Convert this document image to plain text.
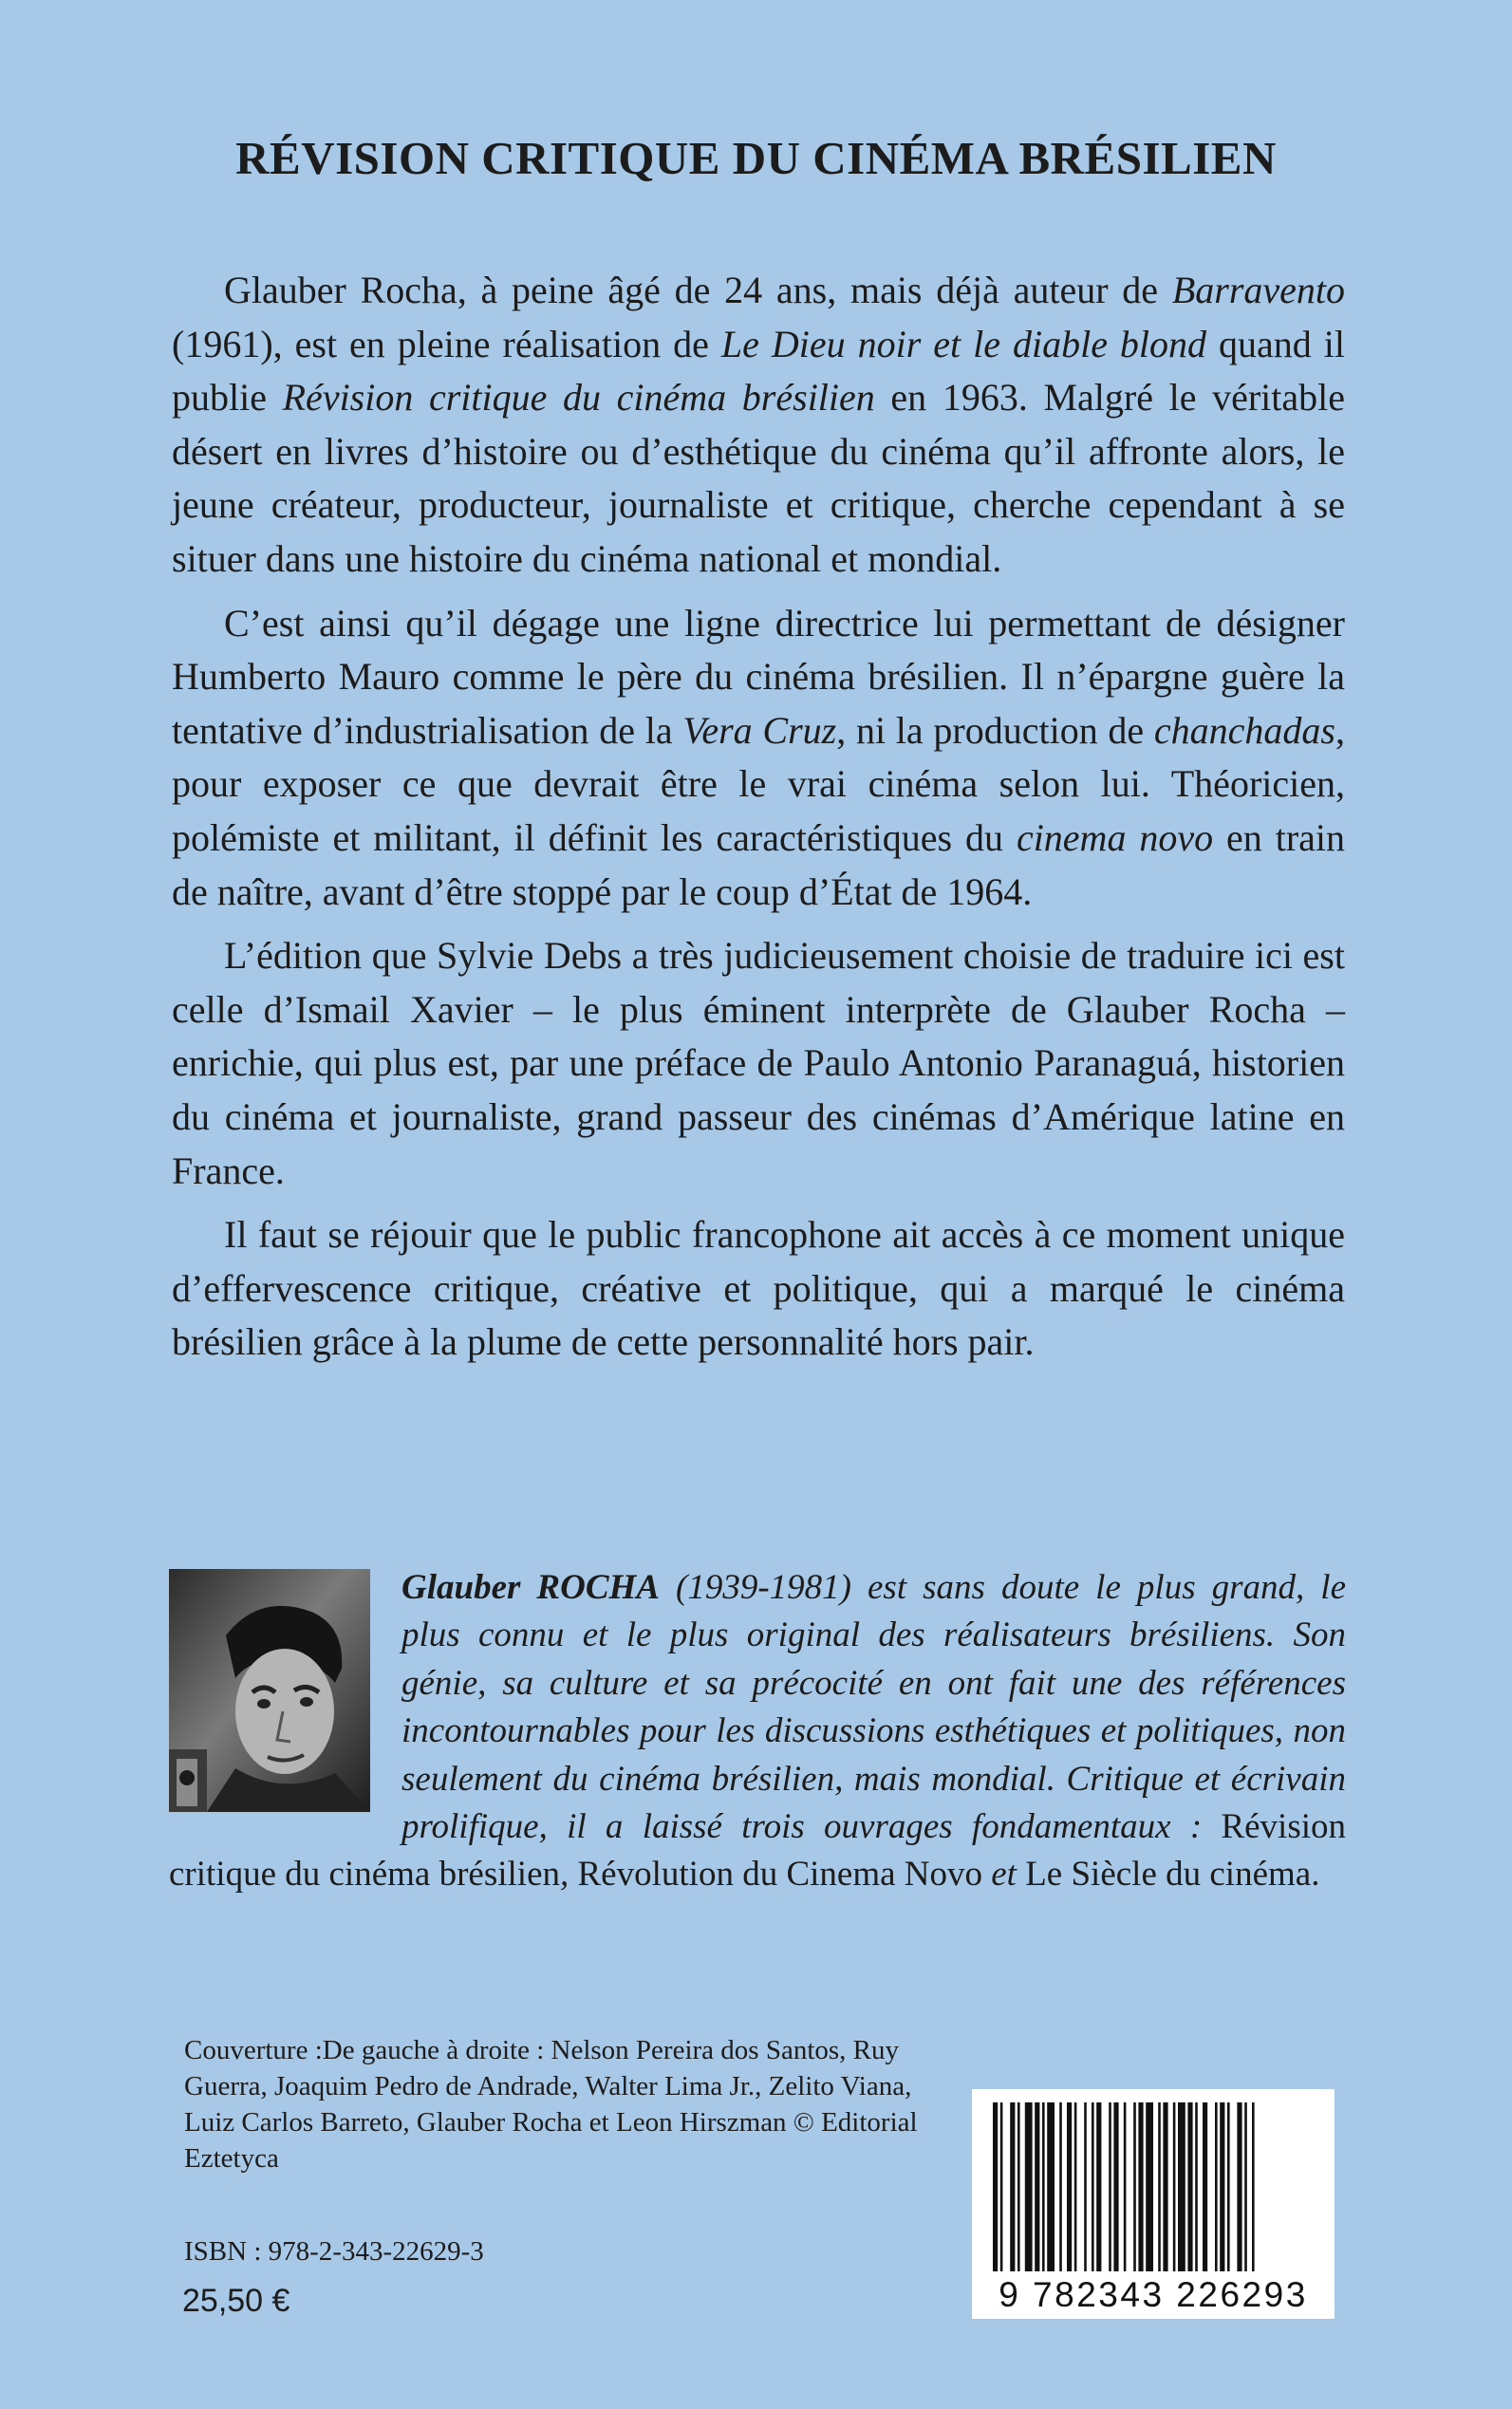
RÉVISION CRITIQUE DU CINÉMA BRÉSILIEN

Glauber Rocha, à peine âgé de 24 ans, mais déjà auteur de Barravento (1961), est en pleine réalisation de Le Dieu noir et le diable blond quand il publie Révision critique du cinéma brésilien en 1963. Malgré le véritable désert en livres d’histoire ou d’esthétique du cinéma qu’il affronte alors, le jeune créateur, producteur, journaliste et critique, cherche cependant à se situer dans une histoire du cinéma national et mondial.

C’est ainsi qu’il dégage une ligne directrice lui permettant de désigner Humberto Mauro comme le père du cinéma brésilien. Il n’épargne guère la tentative d’industrialisation de la Vera Cruz, ni la production de chanchadas, pour exposer ce que devrait être le vrai cinéma selon lui. Théoricien, polémiste et militant, il définit les caractéristiques du cinema novo en train de naître, avant d’être stoppé par le coup d’État de 1964.

L’édition que Sylvie Debs a très judicieusement choisie de traduire ici est celle d’Ismail Xavier – le plus éminent interprète de Glauber Rocha – enrichie, qui plus est, par une préface de Paulo Antonio Paranaguá, historien du cinéma et journaliste, grand passeur des cinémas d’Amérique latine en France.

Il faut se réjouir que le public francophone ait accès à ce moment unique d’effervescence critique, créative et politique, qui a marqué le cinéma brésilien grâce à la plume de cette personnalité hors pair.

Glauber ROCHA (1939-1981) est sans doute le plus grand, le plus connu et le plus original des réalisateurs brésiliens. Son génie, sa culture et sa précocité en ont fait une des références incontournables pour les discussions esthétiques et politiques, non seulement du cinéma brésilien, mais mondial. Critique et écrivain prolifique, il a laissé trois ouvrages fondamentaux : Révision critique du cinéma brésilien, Révolution du Cinema Novo et Le Siècle du cinéma.
Couverture :De gauche à droite : Nelson Pereira dos Santos, Ruy Guerra, Joaquim Pedro de Andrade, Walter Lima Jr., Zelito Viana, Luiz Carlos Barreto, Glauber Rocha et Leon Hirszman © Editorial Eztetyca
ISBN : 978-2-343-22629-3
25,50 €	9 782343 226293
